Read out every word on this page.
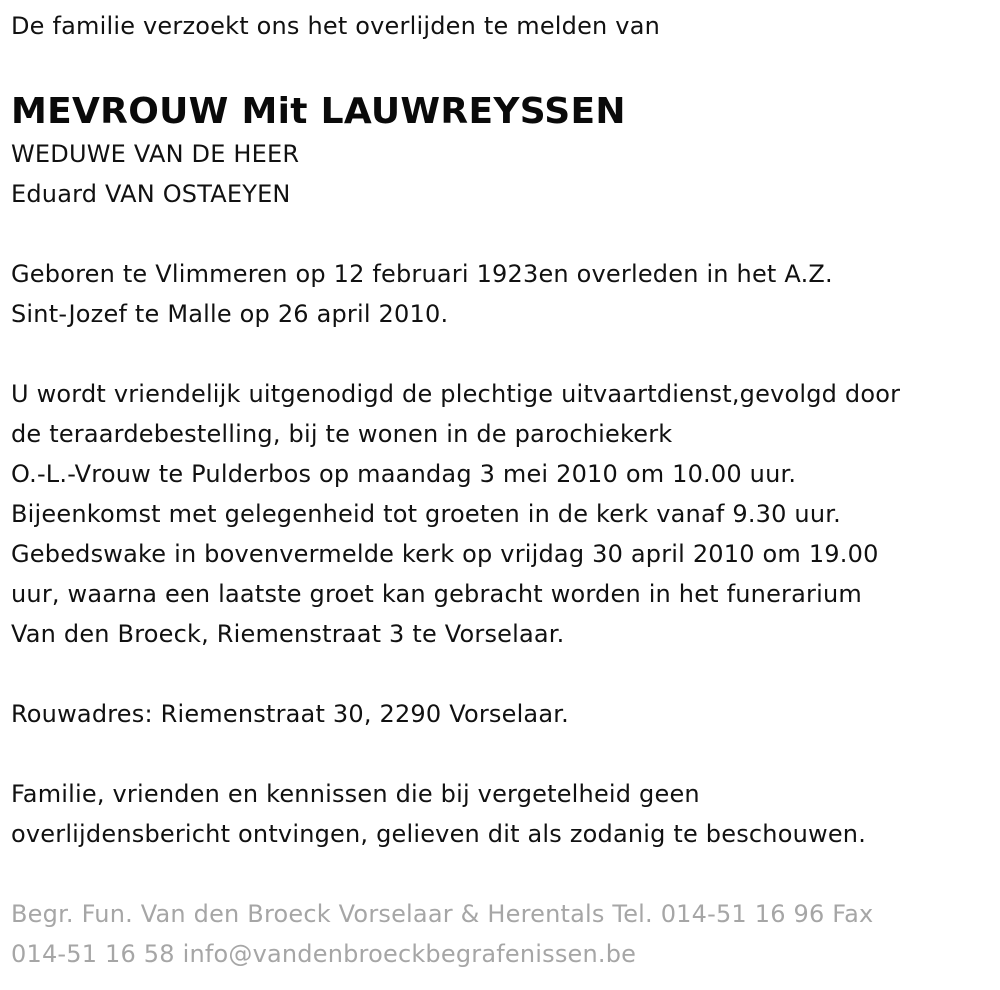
De familie verzoekt ons het overlijden te melden van
MEVROUW Mit LAUWREYSSEN
WEDUWE VAN DE HEER
Eduard VAN OSTAEYEN
Geboren te Vlimmeren op 12 februari 1923en overleden in het A.Z.
Sint-Jozef te Malle op 26 april 2010.
U wordt vriendelijk uitgenodigd de plechtige uitvaartdienst,gevolgd door
de teraardebestelling, bij te wonen in de parochiekerk
O.-L.-Vrouw te Pulderbos op maandag 3 mei 2010 om 10.00 uur.
Bijeenkomst met gelegenheid tot groeten in de kerk vanaf 9.30 uur.
Gebedswake in bovenvermelde kerk op vrijdag 30 april 2010 om 19.00
uur, waarna een laatste groet kan gebracht worden in het funerarium
Van den Broeck, Riemenstraat 3 te Vorselaar.
Rouwadres: Riemenstraat 30, 2290 Vorselaar.
Familie, vrienden en kennissen die bij vergetelheid geen
overlijdensbericht ontvingen, gelieven dit als zodanig te beschouwen.
Begr. Fun. Van den Broeck Vorselaar & Herentals Tel. 014-51 16 96 Fax
014-51 16 58 info@vandenbroeckbegrafenissen.be
